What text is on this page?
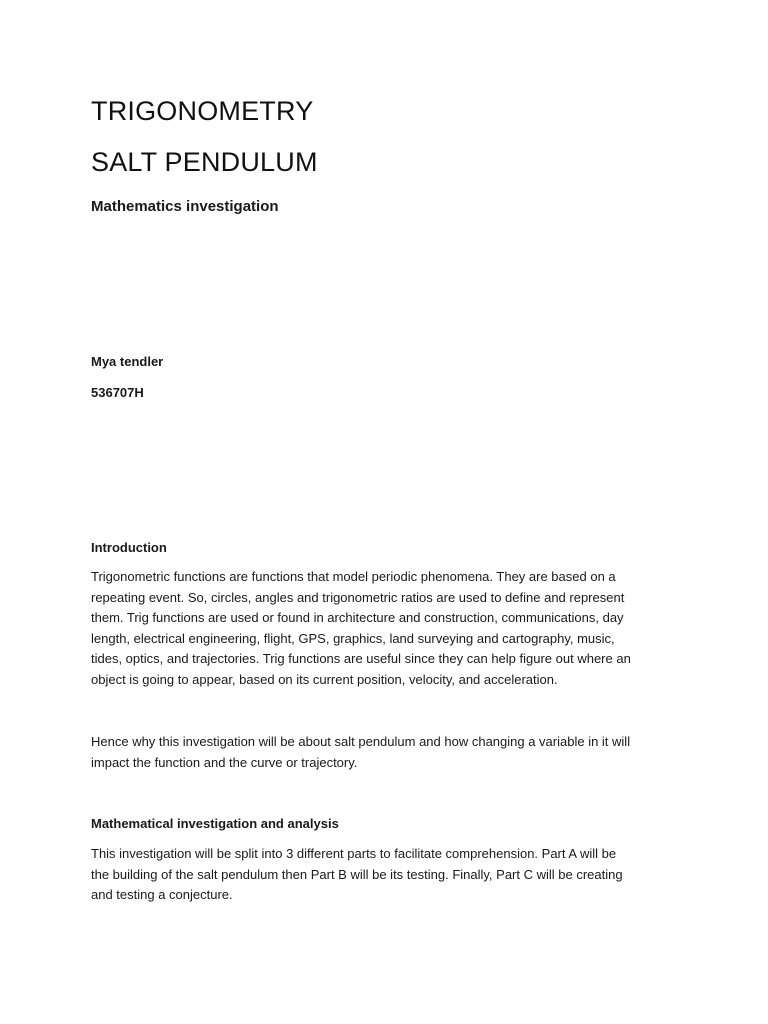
TRIGONOMETRY
SALT PENDULUM
Mathematics investigation
Mya tendler
536707H
Introduction

Trigonometric functions are functions that model periodic phenomena. They are based on a
repeating event. So, circles, angles and trigonometric ratios are used to define and represent
them. Trig functions are used or found in architecture and construction, communications, day
length, electrical engineering, flight, GPS, graphics, land surveying and cartography, music,
tides, optics, and trajectories. Trig functions are useful since they can help figure out where an
object is going to appear, based on its current position, velocity, and acceleration.

Hence why this investigation will be about salt pendulum and how changing a variable in it will
impact the function and the curve or trajectory.

Mathematical investigation and analysis

This investigation will be split into 3 different parts to facilitate comprehension. Part A will be
the building of the salt pendulum then Part B will be its testing. Finally, Part C will be creating
and testing a conjecture.
